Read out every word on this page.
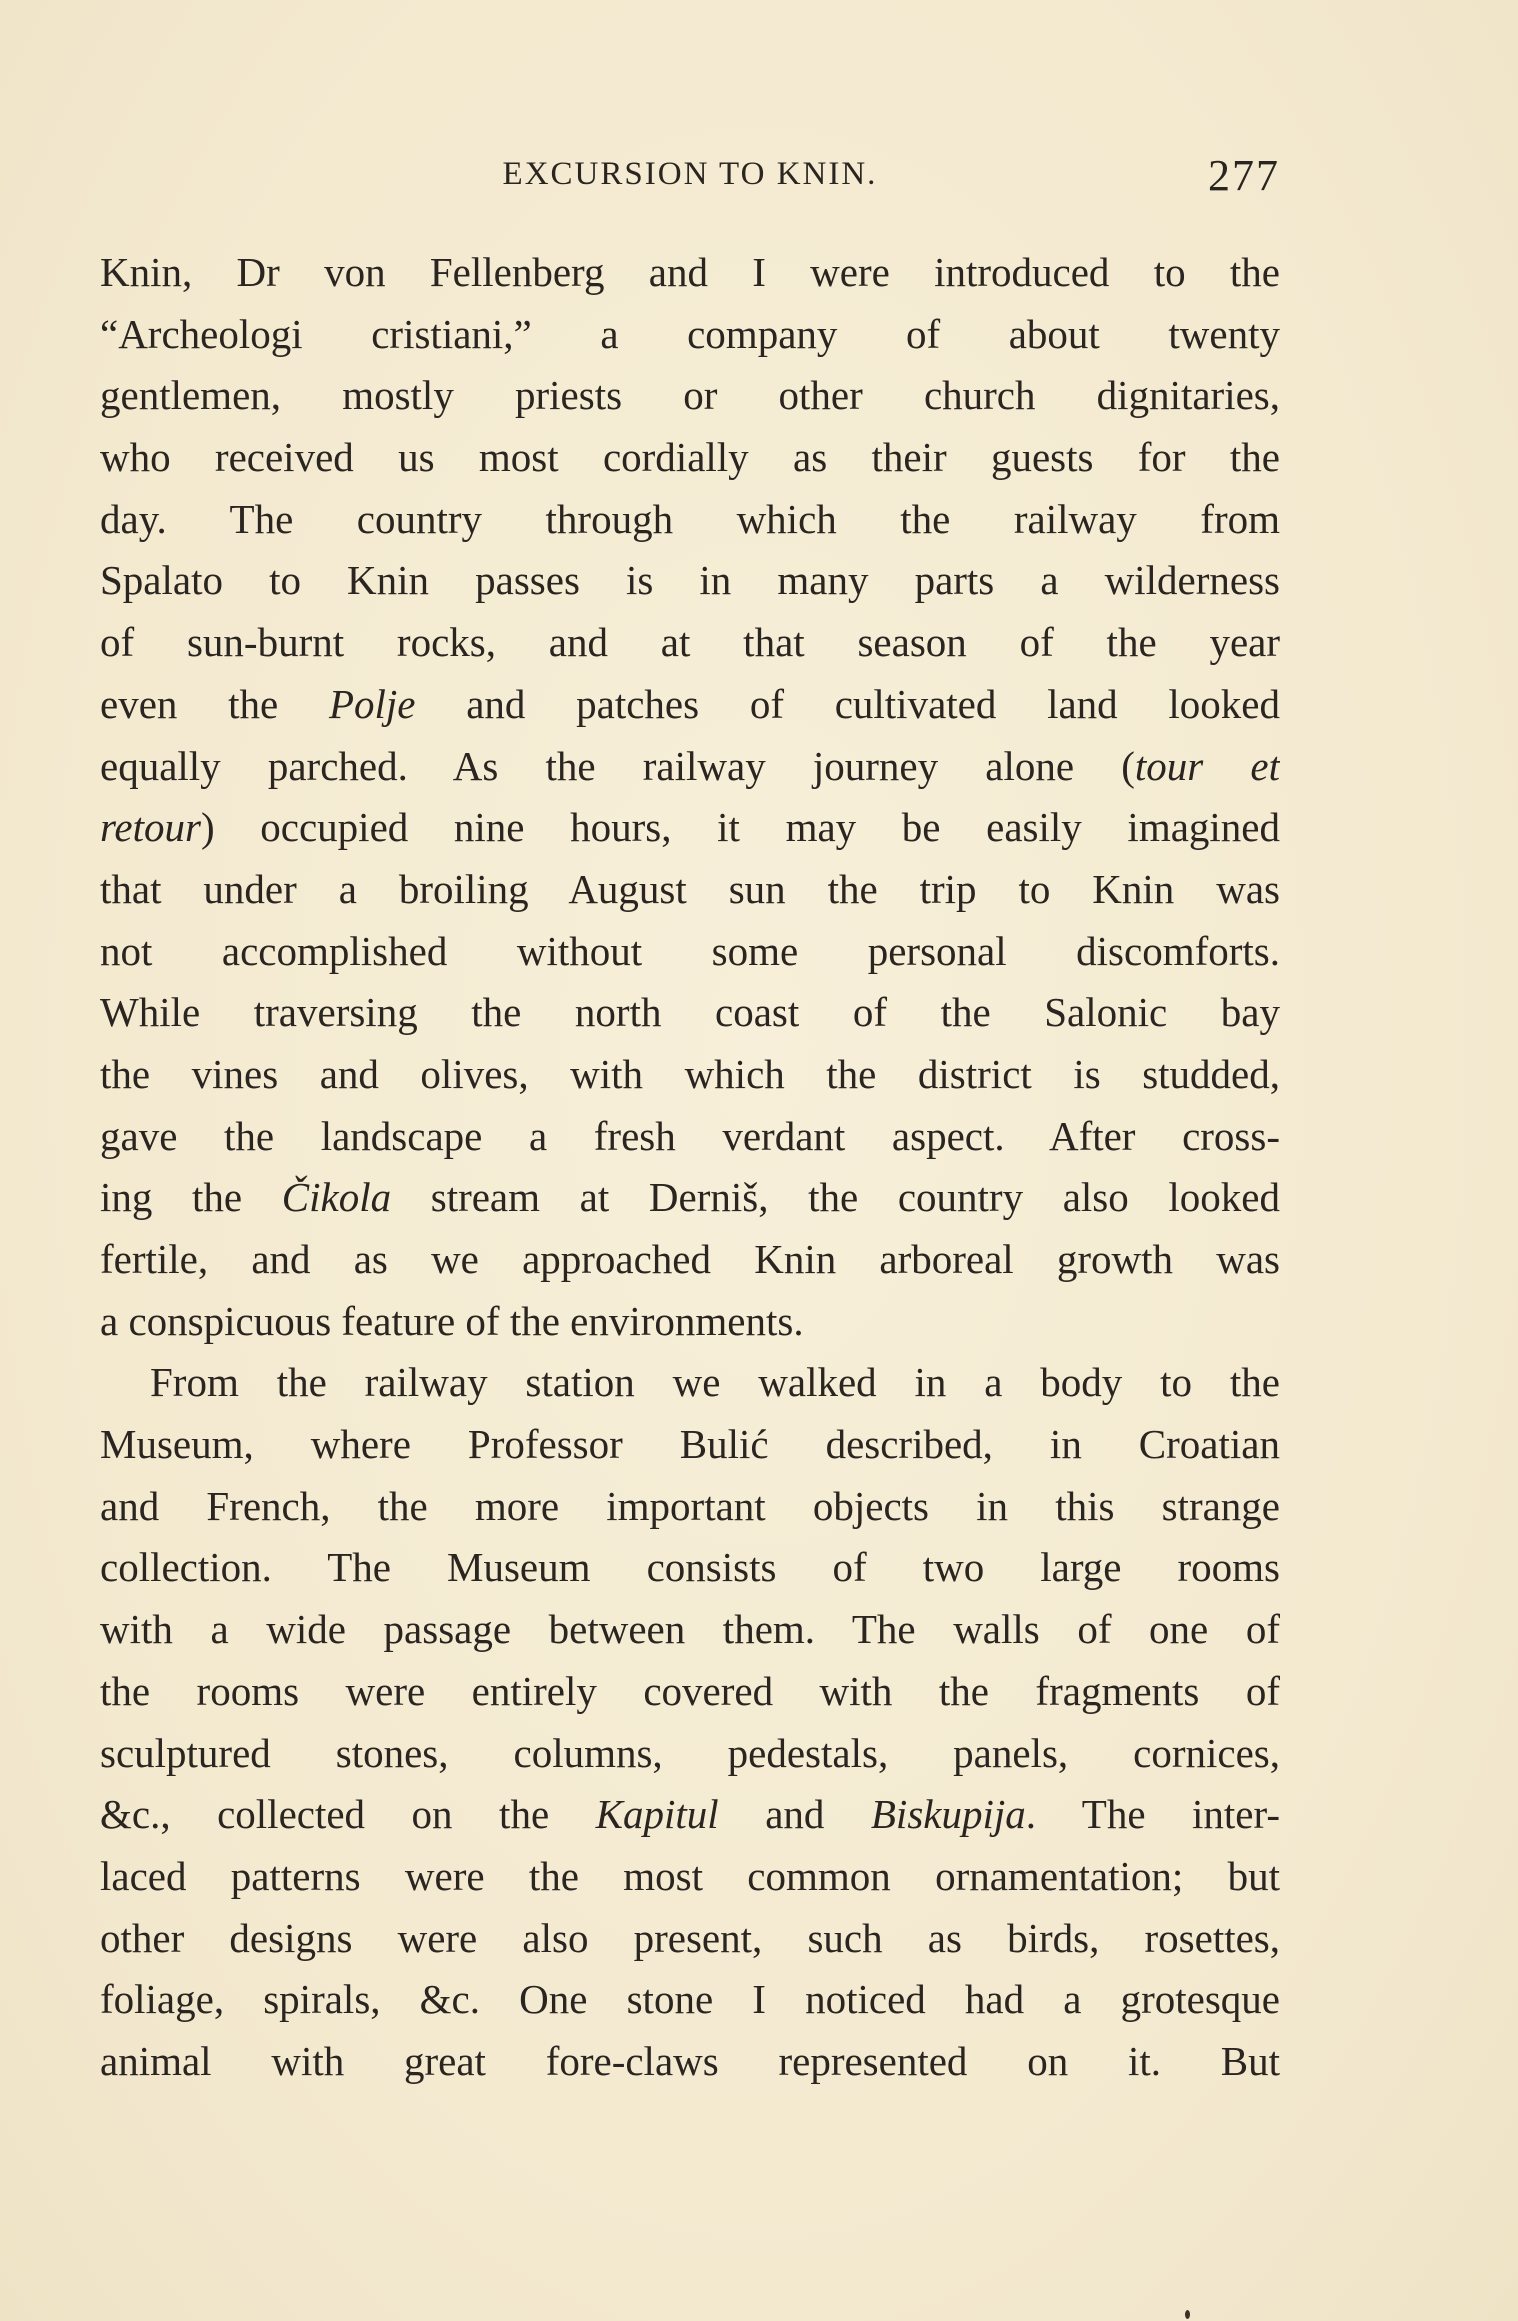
EXCURSION TO KNIN.	277
Knin, Dr von Fellenberg and I were introduced to the
“Archeologi cristiani,” a company of about twenty
gentlemen, mostly priests or other church dignitaries,
who received us most cordially as their guests for the
day. The country through which the railway from
Spalato to Knin passes is in many parts a wilderness
of sun-burnt rocks, and at that season of the year
even the Polje and patches of cultivated land looked
equally parched. As the railway journey alone (tour et
retour) occupied nine hours, it may be easily imagined
that under a broiling August sun the trip to Knin was
not accomplished without some personal discomforts.
While traversing the north coast of the Salonic bay
the vines and olives, with which the district is studded,
gave the landscape a fresh verdant aspect. After cross-
ing the Čikola stream at Derniš, the country also looked
fertile, and as we approached Knin arboreal growth was
a conspicuous feature of the environments.
From the railway station we walked in a body to the
Museum, where Professor Bulić described, in Croatian
and French, the more important objects in this strange
collection. The Museum consists of two large rooms
with a wide passage between them. The walls of one of
the rooms were entirely covered with the fragments of
sculptured stones, columns, pedestals, panels, cornices,
&c., collected on the Kapitul and Biskupija. The inter-
laced patterns were the most common ornamentation; but
other designs were also present, such as birds, rosettes,
foliage, spirals, &c. One stone I noticed had a grotesque
animal with great fore-claws represented on it. But
